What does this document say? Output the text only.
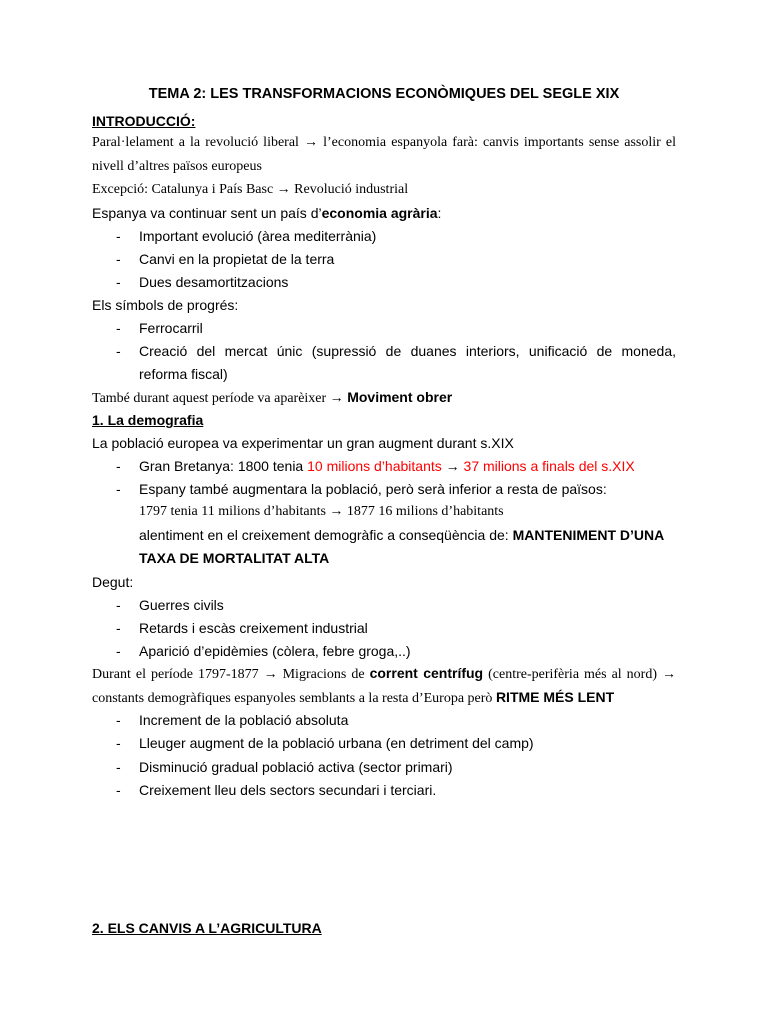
TEMA 2: LES TRANSFORMACIONS ECONÒMIQUES DEL SEGLE XIX
INTRODUCCIÓ:
Paral·lelament a la revolució liberal → l’economia espanyola farà: canvis importants sense assolir el
nivell d’altres països europeus
Excepció: Catalunya i País Basc → Revolució industrial
Espanya va continuar sent un país d’economia agrària:
- Important evolució (àrea mediterrània)
- Canvi en la propietat de la terra
- Dues desamortitzacions
Els símbols de progrés:
- Ferrocarril
- Creació del mercat únic (supressió de duanes interiors, unificació de moneda,
reforma fiscal)
També durant aquest període va aparèixer → Moviment obrer
1. La demografia
La població europea va experimentar un gran augment durant s.XIX
- Gran Bretanya: 1800 tenia 10 milions d’habitants → 37 milions a finals del s.XIX
- Espany també augmentara la població, però serà inferior a resta de països:
1797 tenia 11 milions d’habitants → 1877 16 milions d’habitants
alentiment en el creixement demogràfic a conseqüència de: MANTENIMENT D’UNA
TAXA DE MORTALITAT ALTA
Degut:
- Guerres civils
- Retards i escàs creixement industrial
- Aparició d’epidèmies (còlera, febre groga,..)
Durant el període 1797-1877 → Migracions de corrent centrífug (centre-perifèria més al nord) →
constants demogràfiques espanyoles semblants a la resta d’Europa però RITME MÉS LENT
- Increment de la població absoluta
- Lleuger augment de la població urbana (en detriment del camp)
- Disminució gradual població activa (sector primari)
- Creixement lleu dels sectors secundari i terciari.
2. ELS CANVIS A L’AGRICULTURA
